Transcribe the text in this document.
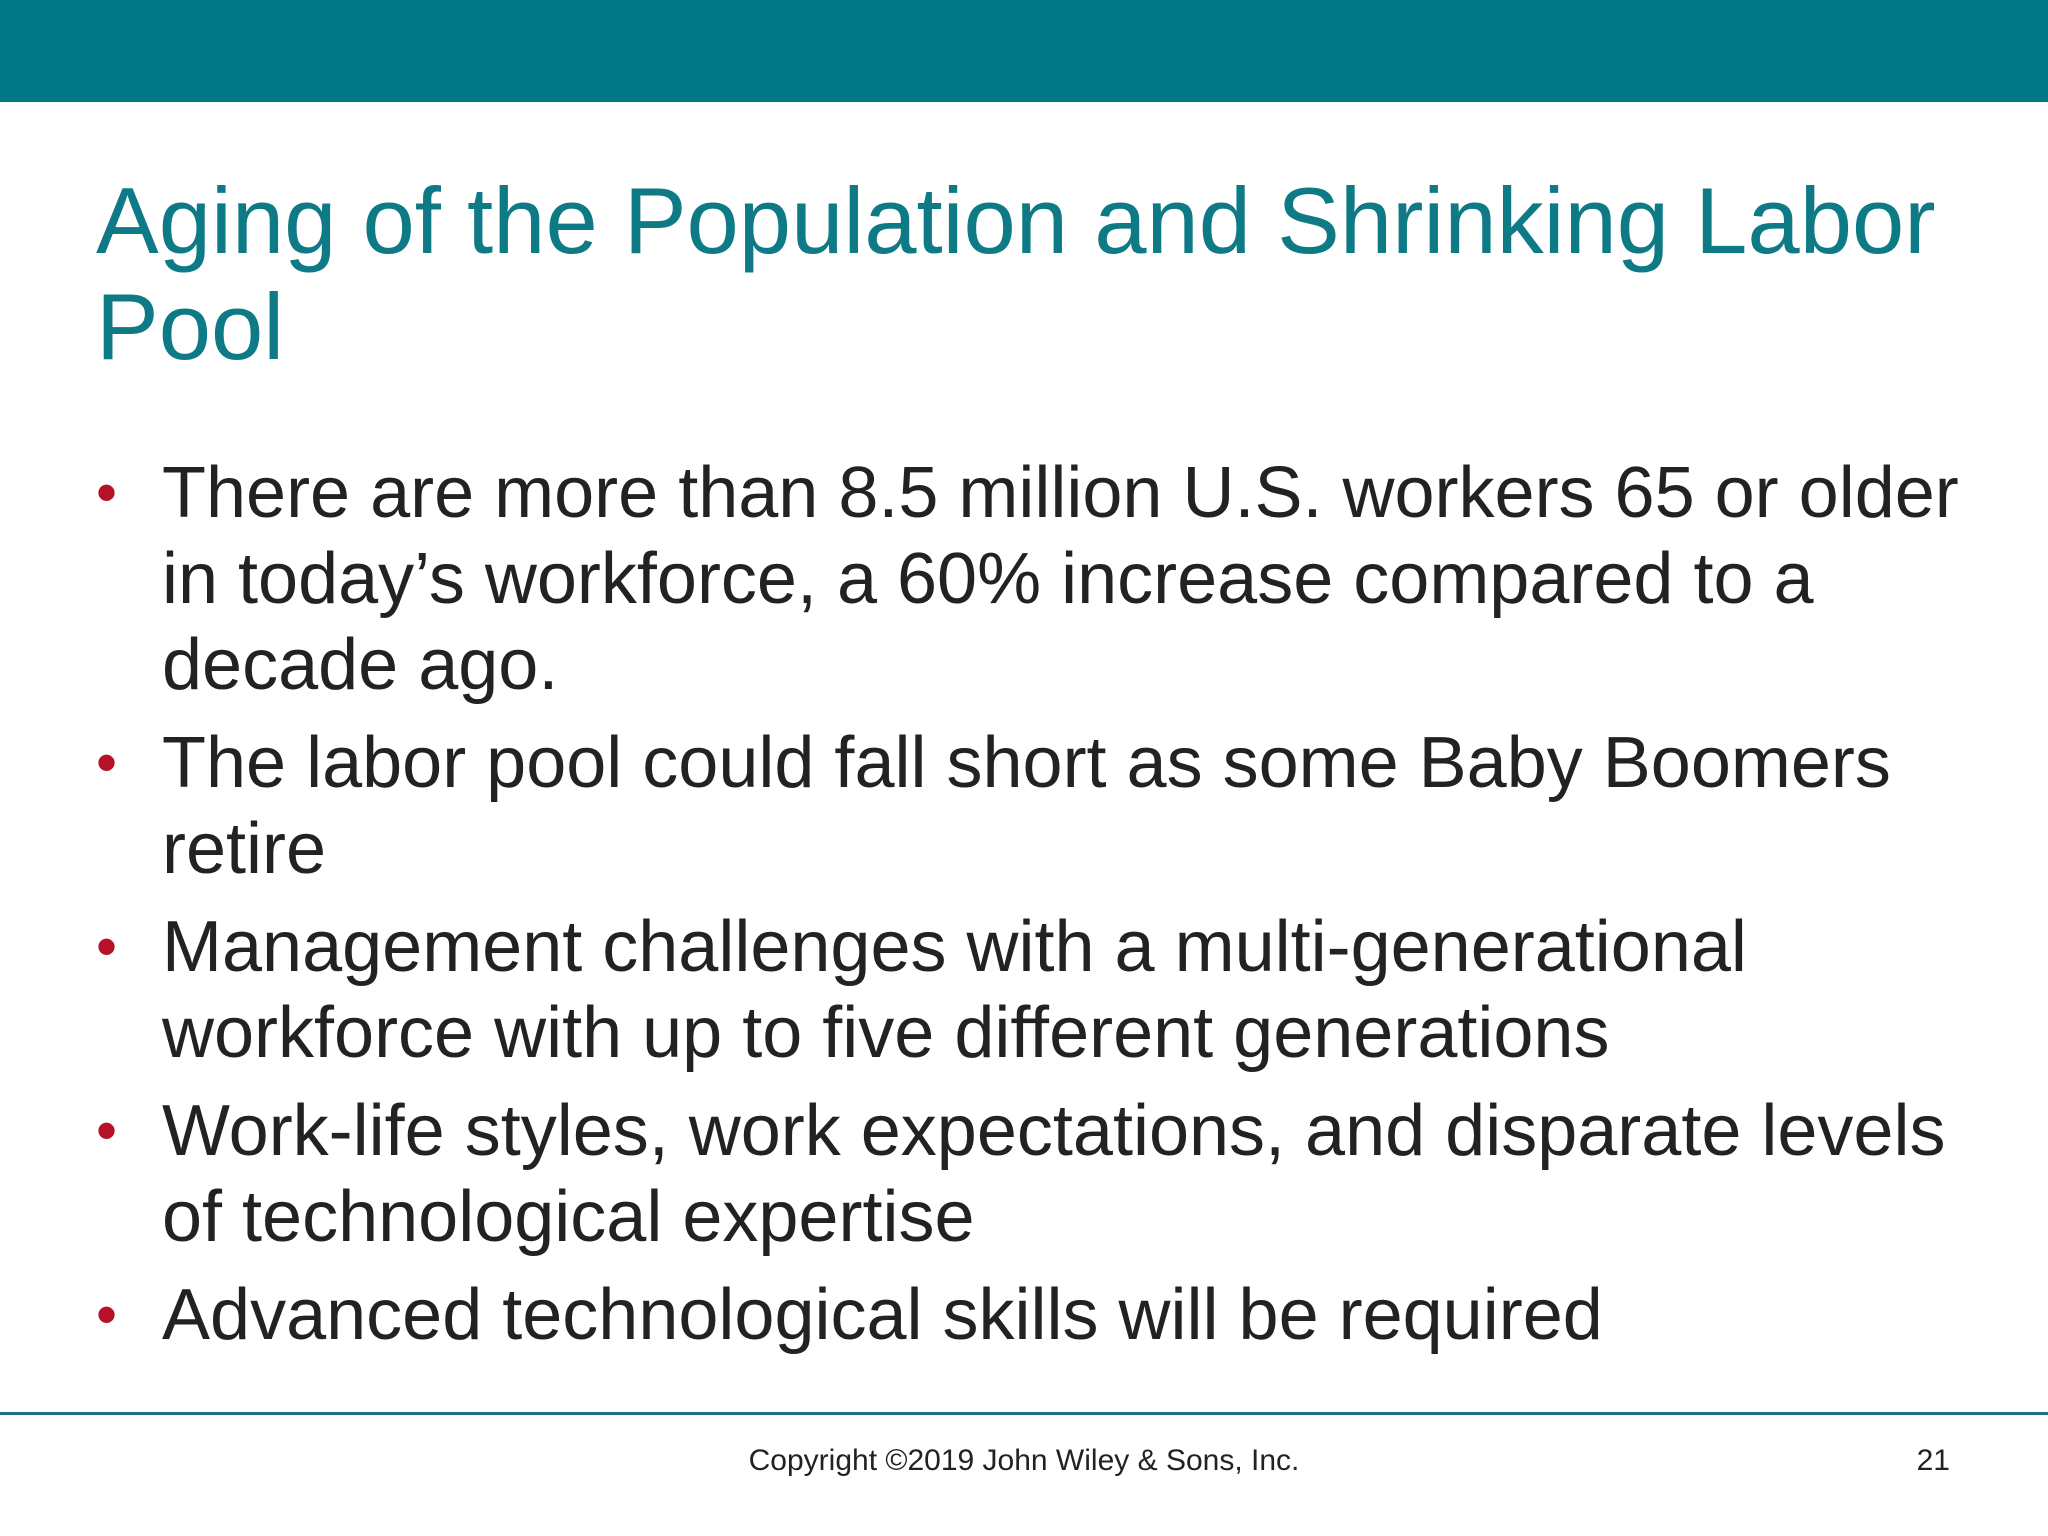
Aging of the Population and Shrinking Labor Pool
• There are more than 8.5 million U.S. workers 65 or older in today’s workforce, a 60% increase compared to a decade ago.
• The labor pool could fall short as some Baby Boomers retire
• Management challenges with a multi-generational workforce with up to five different generations
• Work-life styles, work expectations, and disparate levels of technological expertise
• Advanced technological skills will be required
Copyright ©2019 John Wiley & Sons, Inc.	21
